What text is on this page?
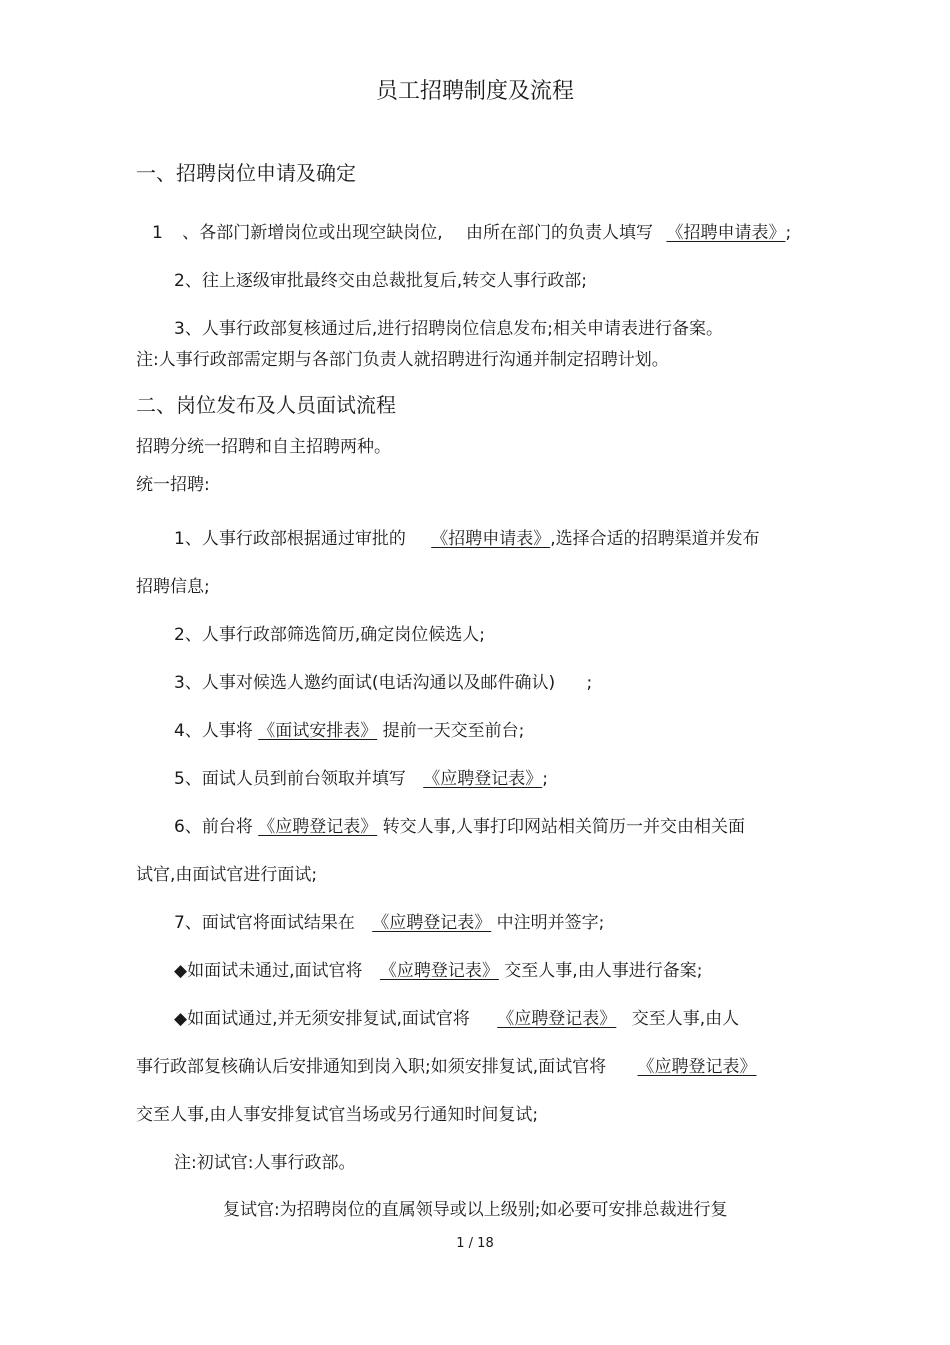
员工招聘制度及流程
一、招聘岗位申请及确定
1 、各部门新增岗位或出现空缺岗位, 由所在部门的负责人填写 《招聘申请表》;
2、往上逐级审批最终交由总裁批复后,转交人事行政部;
3、人事行政部复核通过后,进行招聘岗位信息发布;相关申请表进行备案。
注:人事行政部需定期与各部门负责人就招聘进行沟通并制定招聘计划。
二、岗位发布及人员面试流程
招聘分统一招聘和自主招聘两种。
统一招聘:
1、人事行政部根据通过审批的 《招聘申请表》,选择合适的招聘渠道并发布
招聘信息;
2、人事行政部筛选简历,确定岗位候选人;
3、人事对候选人邀约面试(电话沟通以及邮件确认) ;
4、人事将 《面试安排表》 提前一天交至前台;
5、面试人员到前台领取并填写 《应聘登记表》;
6、前台将 《应聘登记表》 转交人事,人事打印网站相关简历一并交由相关面
试官,由面试官进行面试;
7、面试官将面试结果在 《应聘登记表》 中注明并签字;
◆如面试未通过,面试官将 《应聘登记表》 交至人事,由人事进行备案;
◆如面试通过,并无须安排复试,面试官将 《应聘登记表》 交至人事,由人
事行政部复核确认后安排通知到岗入职;如须安排复试,面试官将 《应聘登记表》
交至人事,由人事安排复试官当场或另行通知时间复试;
注:初试官:人事行政部。
复试官:为招聘岗位的直属领导或以上级别;如必要可安排总裁进行复
1 / 18
